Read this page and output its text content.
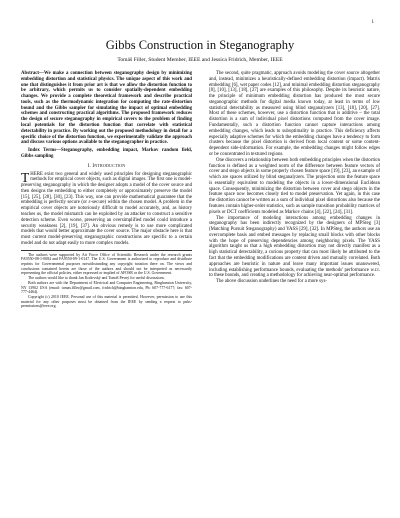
1
Gibbs Construction in Steganography
Tomáš Filler, Student Member, IEEE and Jessica Fridrich, Member, IEEE

Abstract—We make a connection between steganography design by minimizing embedding distortion and statistical physics. The unique aspect of this work and one that distinguishes it from prior art is that we allow the distortion function to be arbitrary, which permits us to consider spatially-dependent embedding changes. We provide a complete theoretical framework and describe practical tools, such as the thermodynamic integration for computing the rate-distortion bound and the Gibbs sampler for simulating the impact of optimal embedding schemes and constructing practical algorithms. The proposed framework reduces the design of secure steganography in empirical covers to the problem of finding local potentials for the distortion function that correlate with statistical detectability in practice. By working out the proposed methodology in detail for a specific choice of the distortion function, we experimentally validate the approach and discuss various options available to the steganographer in practice.

Index Terms—Steganography, embedding impact, Markov random field, Gibbs sampling

I. Introduction

THERE exist two general and widely used principles for designing steganographic methods for empirical cover objects, such as digital images. The first one is model-preserving steganography in which the designer adopts a model of the cover source and then designs the embedding to either completely or approximately preserve the model [15], [25], [28], [30], [23]. This way, one can provide mathematical guarantee that the embedding is perfectly secure (or ε-secure) within the chosen model. A problem in the empirical cover objects are notoriously difficult to model accurately, and, as history teaches us, the model mismatch can be exploited by an attacker to construct a sensitive detection scheme. Even worse, preserving an oversimplified model could introduce a security weakness [2], [19], [37]. An obvious remedy is to use more complicated models that would better approximate the cover source. The major obstacle here is that most current model-preserving steganographic constructions are specific to a certain model and do not adapt easily to more complex models.

The authors were supported by Air Force Office of Scientific Research under the research grants FA9550-08-1-0084 and FA9550-09-1-0147. The U.S. Government is authorized to reproduce and distribute reprints for Governmental purposes notwithstanding any copyright notation there on. The views and conclusions contained herein are those of the authors and should not be interpreted as necessarily representing the official policies, either expressed or implied of AFOSR or the U.S. Government.

The authors would like to thank Jan Kodovský and Tomáš Pevný for useful discussions.

Both authors are with the Department of Electrical and Computer Engineering, Binghamton University, NY 13902 USA (email: tomas.filler@gmail.com, fridrich@binghamton.edu, Ph: 607-777-6177; fax: 607-777-4464).

Copyright (c) 2010 IEEE. Personal use of this material is permitted. However, permission to use this material for any other purposes must be obtained from the IEEE by sending a request to pubs-permissions@ieee.org.

The second, quite pragmatic, approach avoids modeling the cover source altogether and, instead, minimizes a heuristically-defined embedding distortion (impact). Matrix embedding [6], wet paper codes [12], and minimal embedding distortion steganography [8], [10], [13], [18], [27] are examples of this philosophy. Despite its heuristic nature, the principle of minimum embedding distortion has produced the most secure steganographic methods for digital media known today, at least in terms of low statistical detectability as measured using blind steganalyzers [13], [18], [20], [27]. Most of these schemes, however, use a distortion function that is additive – the total distortion is a sum of individual pixel distortions computed from the cover image. Fundamentally, such a distortion function cannot capture interactions among embedding changes, which leads to suboptimality in practice. This deficiency affects especially adaptive schemes for which the embedding changes have a tendency to form clusters because the pixel distortion is derived from local content or some content-dependent side-information. For example, the embedding changes might follow edges or be concentrated in textured regions.

One discovers a relationship between both embedding principles when the distortion function is defined as a weighted norm of the difference between feature vectors of cover and stego objects in some properly chosen feature space [19], [23], an example of which are spaces utilized by blind steganalyzers. The projection onto the feature space is essentially equivalent to modeling the objects in a lower-dimensional Euclidean space. Consequently, minimizing the distortion between cover and stego objects in the feature space now becomes closely tied to model preservation. Yet again, in this case the distortion cannot be written as a sum of individual pixel distortions also because the features contain higher-order statistics, such as sample transition probability matrices of pixels or DCT coefficients modeled as Markov chains [4], [22], [24], [31].

The importance of modeling interactions among embedding changes in steganography has been indirectly recognized by the designers of MPSteg [3] (Matching Pursuit Steganography) and YASS [29], [32]. In MPSteg, the authors use an overcomplete basis and embed messages by replacing small blocks with other blocks with the hope of preserving dependencies among neighboring pixels. The YASS algorithm taught us that a high embedding distortion may not directly manifest as a high statistical detectability, a curious property that can most likely be attributed to the fact that the embedding modifications are content driven and mutually correlated. Both approaches are heuristic in nature and leave many important issues unanswered, including establishing performance bounds, evaluating the methods' performance w.r.t. to these bounds, and creating a methodology for achieving near-optimal performance.

The above discussion underlines the need for a more sys-
